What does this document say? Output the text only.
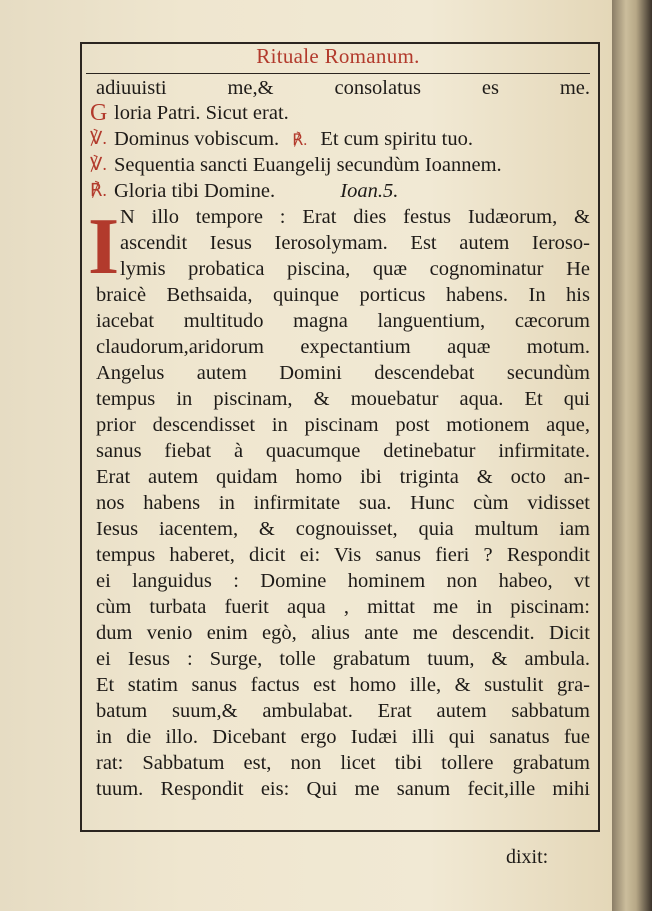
Rituale Romanum.
adiuuisti me,& consolatus es me.
G loria Patri. Sicut erat.
℣. Dominus vobiscum. ℟. Et cum spiritu tuo.
℣. Sequentia sancti Euangelij secundùm Ioannem.
℟. Gloria tibi Domine.	Ioan.5.
I N illo tempore : Erat dies festus Iudæorum, &
ascendit Iesus Ierosolymam. Est autem Ieroso-
lymis probatica piscina, quæ cognominatur He
braicè Bethsaida, quinque porticus habens. In his
iacebat multitudo magna languentium, cæcorum
claudorum,aridorum expectantium aquæ motum.
Angelus autem Domini descendebat secundùm
tempus in piscinam, & mouebatur aqua. Et qui
prior descendisset in piscinam post motionem aque,
sanus fiebat à quacumque detinebatur infirmitate.
Erat autem quidam homo ibi triginta & octo an-
nos habens in infirmitate sua. Hunc cùm vidisset
Iesus iacentem, & cognouisset, quia multum iam
tempus haberet, dicit ei: Vis sanus fieri ? Respondit
ei languidus : Domine hominem non habeo, vt
cùm turbata fuerit aqua , mittat me in piscinam:
dum venio enim egò, alius ante me descendit. Dicit
ei Iesus : Surge, tolle grabatum tuum, & ambula.
Et statim sanus factus est homo ille, & sustulit gra-
batum suum,& ambulabat. Erat autem sabbatum
in die illo. Dicebant ergo Iudæi illi qui sanatus fue
rat: Sabbatum est, non licet tibi tollere grabatum
tuum. Respondit eis: Qui me sanum fecit,ille mihi
dixit:
